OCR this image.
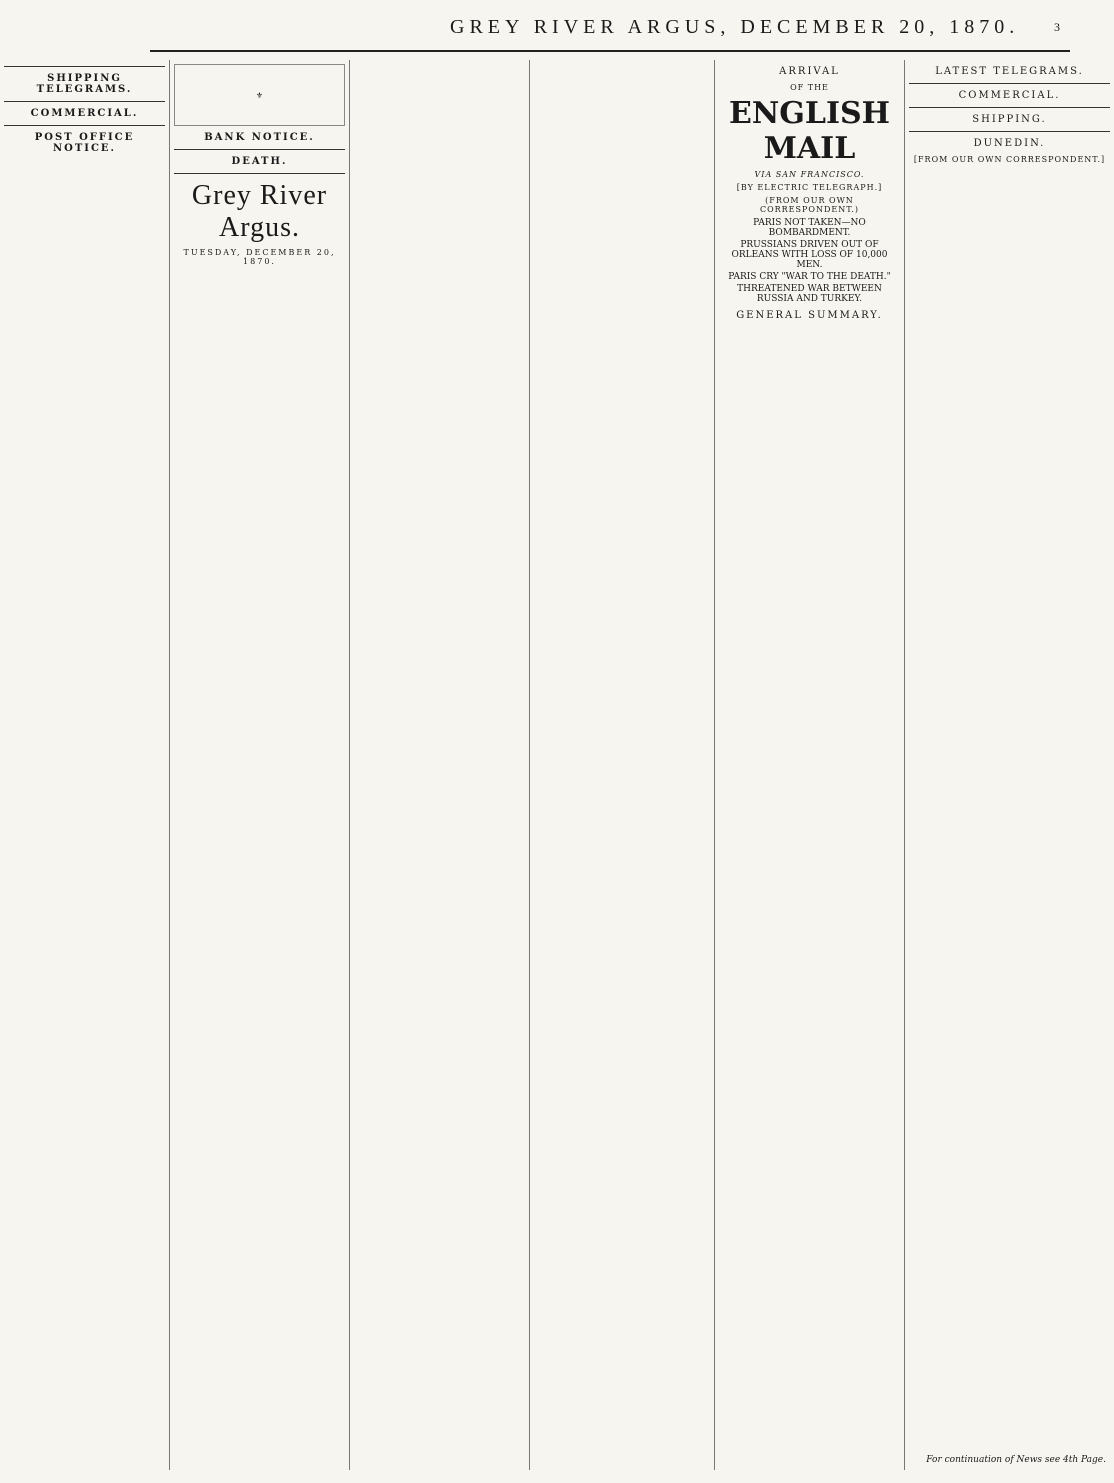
GREY RIVER ARGUS, DECEMBER 20, 1870.	3
SHIPPING TELEGRAMS.
COMMERCIAL.
POST OFFICE NOTICE.
⚜
BANK NOTICE.
DEATH.
Grey River Argus.
TUESDAY, DECEMBER 20, 1870.
ARRIVAL
OF THE
ENGLISH MAIL
VIA SAN FRANCISCO.
[BY ELECTRIC TELEGRAPH.]
(FROM OUR OWN CORRESPONDENT.)
PARIS NOT TAKEN—NO BOMBARDMENT.
PRUSSIANS DRIVEN OUT OF ORLEANS WITH LOSS OF 10,000 MEN.
PARIS CRY "WAR TO THE DEATH."
THREATENED WAR BETWEEN RUSSIA AND TURKEY.
GENERAL SUMMARY.
LATEST TELEGRAMS.
COMMERCIAL.
SHIPPING.
DUNEDIN.
[FROM OUR OWN CORRESPONDENT.]
For continuation of News see 4th Page.
